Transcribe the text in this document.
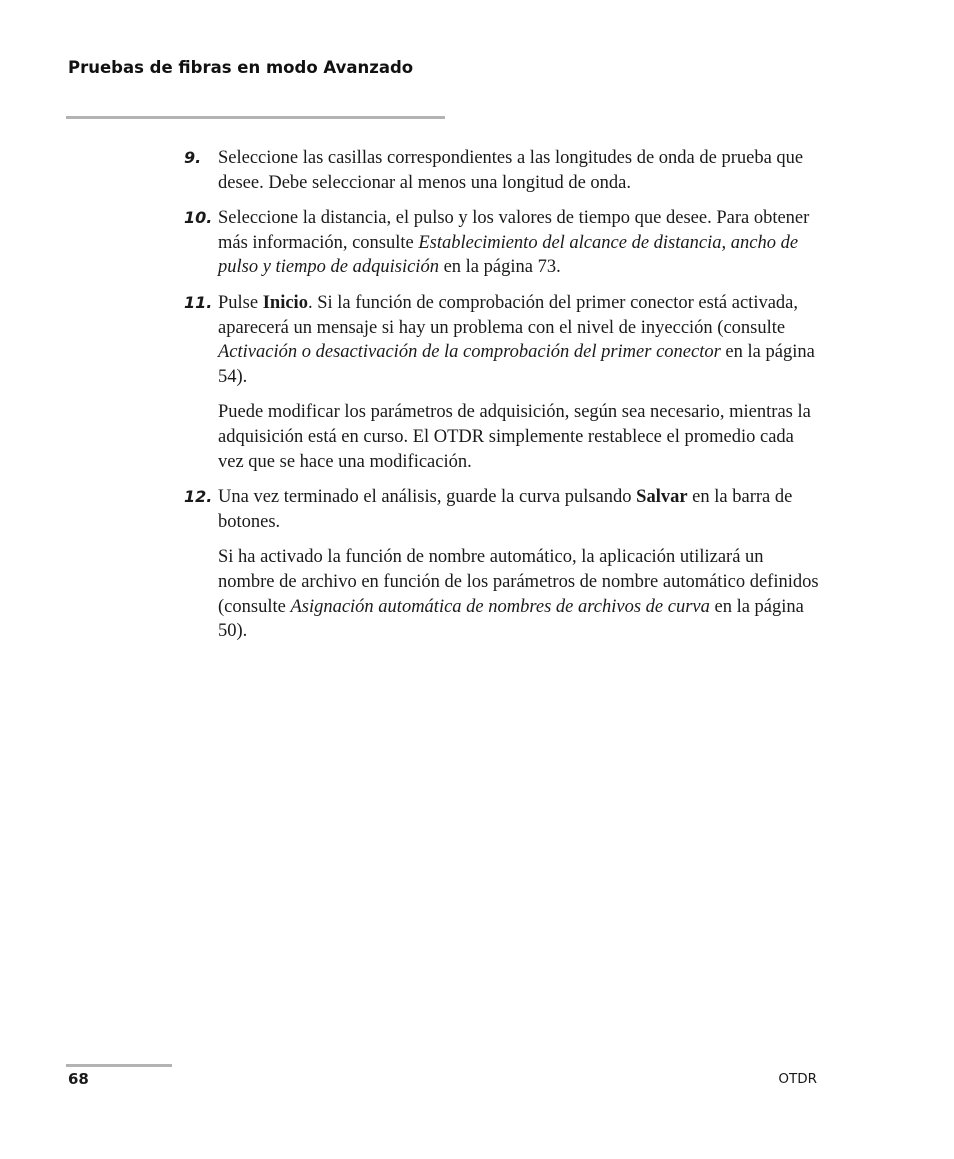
Pruebas de fibras en modo Avanzado
9. Seleccione las casillas correspondientes a las longitudes de onda de prueba que desee. Debe seleccionar al menos una longitud de onda.

10. Seleccione la distancia, el pulso y los valores de tiempo que desee. Para obtener más información, consulte Establecimiento del alcance de distancia, ancho de pulso y tiempo de adquisición en la página 73.

11. Pulse Inicio. Si la función de comprobación del primer conector está activada, aparecerá un mensaje si hay un problema con el nivel de inyección (consulte Activación o desactivación de la comprobación del primer conector en la página 54).

Puede modificar los parámetros de adquisición, según sea necesario, mientras la adquisición está en curso. El OTDR simplemente restablece el promedio cada vez que se hace una modificación.

12. Una vez terminado el análisis, guarde la curva pulsando Salvar en la barra de botones.

Si ha activado la función de nombre automático, la aplicación utilizará un nombre de archivo en función de los parámetros de nombre automático definidos (consulte Asignación automática de nombres de archivos de curva en la página 50).

68	OTDR
